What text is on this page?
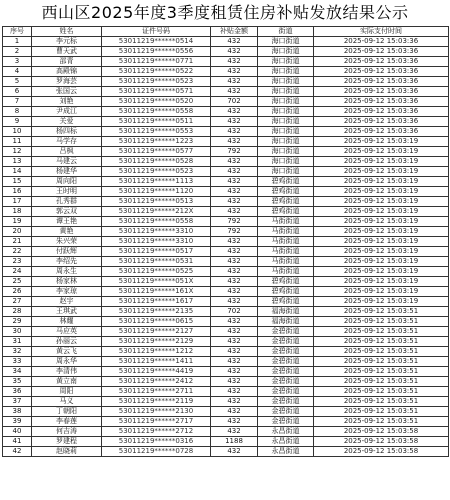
西山区2025年度3季度租赁住房补贴发放结果公示
序号	姓名	证件号码	补贴金额	街道	实际支付时间
1	李元标	53011219******0514	432	海口街道	2025-09-12 15:03:36
2	曹天武	53011219******0556	432	海口街道	2025-09-12 15:03:36
3	邵青	53011219******0771	432	海口街道	2025-09-12 15:03:36
4	高殿锦	53011219******0522	432	海口街道	2025-09-12 15:03:36
5	罗海芸	53011219******0523	432	海口街道	2025-09-12 15:03:36
6	张国云	53011219******0571	432	海口街道	2025-09-12 15:03:36
7	刘艳	53011219******0520	702	海口街道	2025-09-12 15:03:36
8	尹成江	53011219******0558	432	海口街道	2025-09-12 15:03:36
9	关爱	53011219******0511	432	海口街道	2025-09-12 15:03:36
10	杨四标	53011219******0553	432	海口街道	2025-09-12 15:03:36
11	马学存	53011219******1223	432	海口街道	2025-09-12 15:03:19
12	吕枫	53011219******0577	792	海口街道	2025-09-12 15:03:19
13	马建云	53011219******0528	432	海口街道	2025-09-12 15:03:19
14	杨建华	53011219******0523	432	海口街道	2025-09-12 15:03:19
15	周向阳	53011219******1113	432	碧鸡街道	2025-09-12 15:03:19
16	王时明	53011219******1120	432	碧鸡街道	2025-09-12 15:03:19
17	孔秀群	53011219******0513	432	碧鸡街道	2025-09-12 15:03:19
18	郭云双	53011219******212X	432	碧鸡街道	2025-09-12 15:03:19
19	谭王艳	53011219******0558	792	马街街道	2025-09-12 15:03:19
20	黄艳	53011219******3310	792	马街街道	2025-09-12 15:03:19
21	朱兴荣	53011219******3310	432	马街街道	2025-09-12 15:03:19
22	付跃辉	53011219******0517	432	马街街道	2025-09-12 15:03:19
23	李绍先	53011219******0531	432	马街街道	2025-09-12 15:03:19
24	周永生	53011219******0525	432	马街街道	2025-09-12 15:03:19
25	杨家林	53011219******051X	432	碧鸡街道	2025-09-12 15:03:19
26	李家琼	53011219******161X	432	碧鸡街道	2025-09-12 15:03:19
27	赵宇	53011219******1617	432	碧鸡街道	2025-09-12 15:03:19
28	王琪武	53011219******2135	702	福海街道	2025-09-12 15:03:51
29	林耀	53011219******0615	432	福海街道	2025-09-12 15:03:51
30	马应英	53011219******2127	432	金碧街道	2025-09-12 15:03:51
31	孙丽云	53011219******2129	432	金碧街道	2025-09-12 15:03:51
32	黄云飞	53011219******1212	432	金碧街道	2025-09-12 15:03:51
33	周永华	53011219******1411	432	金碧街道	2025-09-12 15:03:51
34	李清伟	53011219******4419	432	金碧街道	2025-09-12 15:03:51
35	黄立南	53011219******2412	432	金碧街道	2025-09-12 15:03:51
36	周阳	53011219******2711	432	金碧街道	2025-09-12 15:03:51
37	马义	53011219******2119	432	金碧街道	2025-09-12 15:03:51
38	丁朝阳	53011219******2130	432	金碧街道	2025-09-12 15:03:51
39	李春莲	53011219******2717	432	金碧街道	2025-09-12 15:03:51
40	何吉涛	53011219******2712	432	永昌街道	2025-09-12 15:03:58
41	罗建程	53011219******0316	1188	永昌街道	2025-09-12 15:03:58
42	赵晓莉	53011219******0728	432	永昌街道	2025-09-12 15:03:58
